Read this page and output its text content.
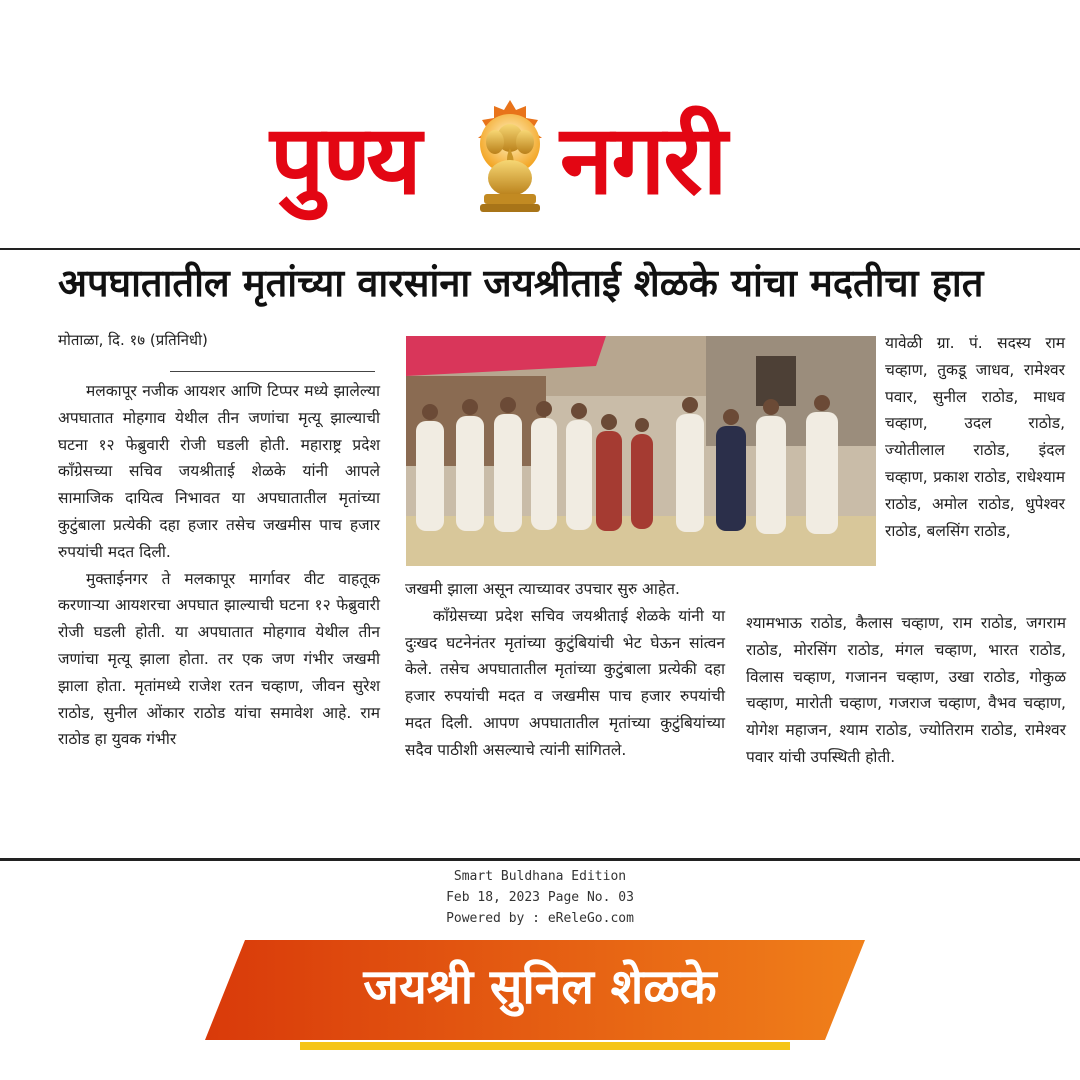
पुण्य नगरी
अपघातातील मृतांच्या वारसांना जयश्रीताई शेळके यांचा मदतीचा हात
मोताळा, दि. १७ (प्रतिनिधी)

मलकापूर नजीक आयशर आणि टिप्पर मध्ये झालेल्या अपघातात मोहगाव येथील तीन जणांचा मृत्यू झाल्याची घटना १२ फेब्रुवारी रोजी घडली होती. महाराष्ट्र प्रदेश काँग्रेसच्या सचिव जयश्रीताई शेळके यांनी आपले सामाजिक दायित्व निभावत या अपघातातील मृतांच्या कुटुंबाला प्रत्येकी दहा हजार तसेच जखमीस पाच हजार रुपयांची मदत दिली.

मुक्ताईनगर ते मलकापूर मार्गावर वीट वाहतूक करणाऱ्या आयशरचा अपघात झाल्याची घटना १२ फेब्रुवारी रोजी घडली होती. या अपघातात मोहगाव येथील तीन जणांचा मृत्यू झाला होता. तर एक जण गंभीर जखमी झाला होता. मृतांमध्ये राजेश रतन चव्हाण, जीवन सुरेश राठोड, सुनील ओंकार राठोड यांचा समावेश आहे. राम राठोड हा युवक गंभीर

जखमी झाला असून त्याच्यावर उपचार सुरु आहेत.

काँग्रेसच्या प्रदेश सचिव जयश्रीताई शेळके यांनी या दुःखद घटनेनंतर मृतांच्या कुटुंबियांची भेट घेऊन सांत्वन केले. तसेच अपघातातील मृतांच्या कुटुंबाला प्रत्येकी दहा हजार रुपयांची मदत व जखमीस पाच हजार रुपयांची मदत दिली. आपण अपघातातील मृतांच्या कुटुंबियांच्या सदैव पाठीशी असल्याचे त्यांनी सांगितले.

यावेळी ग्रा. पं. सदस्य राम चव्हाण, तुकडू जाधव, रामेश्वर पवार, सुनील राठोड, माधव चव्हाण, उदल राठोड, ज्योतीलाल राठोड, इंदल चव्हाण, प्रकाश राठोड, राधेश्याम राठोड, अमोल राठोड, धुपेश्वर राठोड, बलसिंग राठोड,
श्यामभाऊ राठोड, कैलास चव्हाण, राम राठोड, जगराम राठोड, मोरसिंग राठोड, मंगल चव्हाण, भारत राठोड, विलास चव्हाण, गजानन चव्हाण, उखा राठोड, गोकुळ चव्हाण, मारोती चव्हाण, गजराज चव्हाण, वैभव चव्हाण, योगेश महाजन, श्याम राठोड, ज्योतिराम राठोड, रामेश्वर पवार यांची उपस्थिती होती.
Smart Buldhana Edition
Feb 18, 2023 Page No. 03
Powered by : eReleGo.com
जयश्री सुनिल शेळके
